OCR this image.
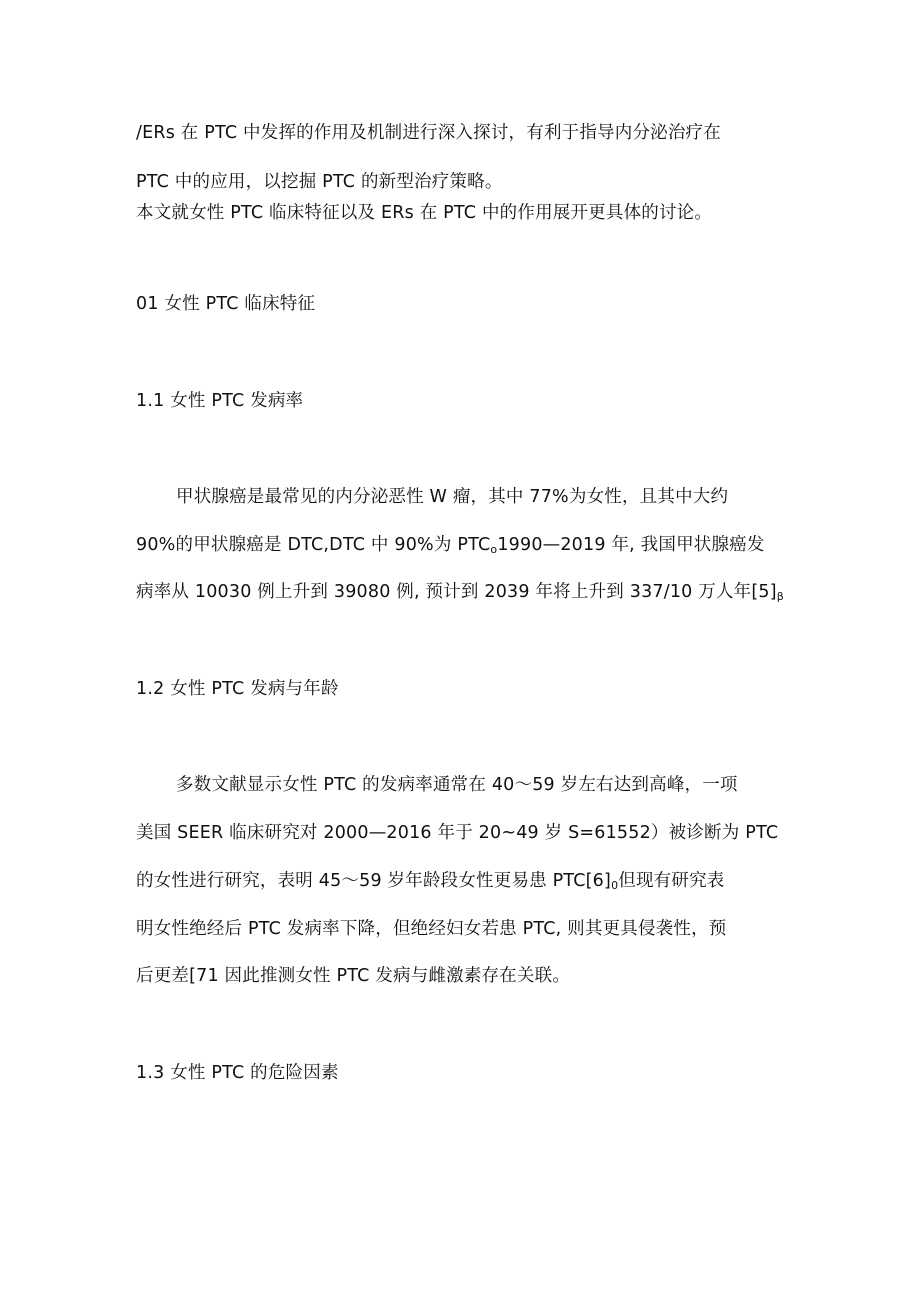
/ERs 在 PTC 中发挥的作用及机制进行深入探讨，有利于指导内分泌治疗在
PTC 中的应用，以挖掘 PTC 的新型治疗策略。
本文就女性 PTC 临床特征以及 ERs 在 PTC 中的作用展开更具体的讨论。
01 女性 PTC 临床特征
1.1 女性 PTC 发病率
甲状腺癌是最常见的内分泌恶性 W 瘤，其中 77%为女性，且其中大约
90%的甲状腺癌是 DTC,DTC 中 90%为 $PTC_o1990—2019$ 年, 我国甲状腺癌发
病率从 10030 例上升到 39080 例, 预计到 2039 年将上升到 337/10 万人年$[5]_\beta$
1.2 女性 PTC 发病与年龄
多数文献显示女性 PTC 的发病率通常在 40～59 岁左右达到高峰，一项
美国 SEER 临床研究对 2000—2016 年于 20~49 岁 S=61552）被诊断为 PTC
的女性进行研究，表明 45～59 岁年龄段女性更易患 $PTC[6]_0$但现有研究表
明女性绝经后 PTC 发病率下降，但绝经妇女若患 PTC, 则其更具侵袭性，预
后更差[71 因此推测女性 PTC 发病与雌激素存在关联。
1.3 女性 PTC 的危险因素
